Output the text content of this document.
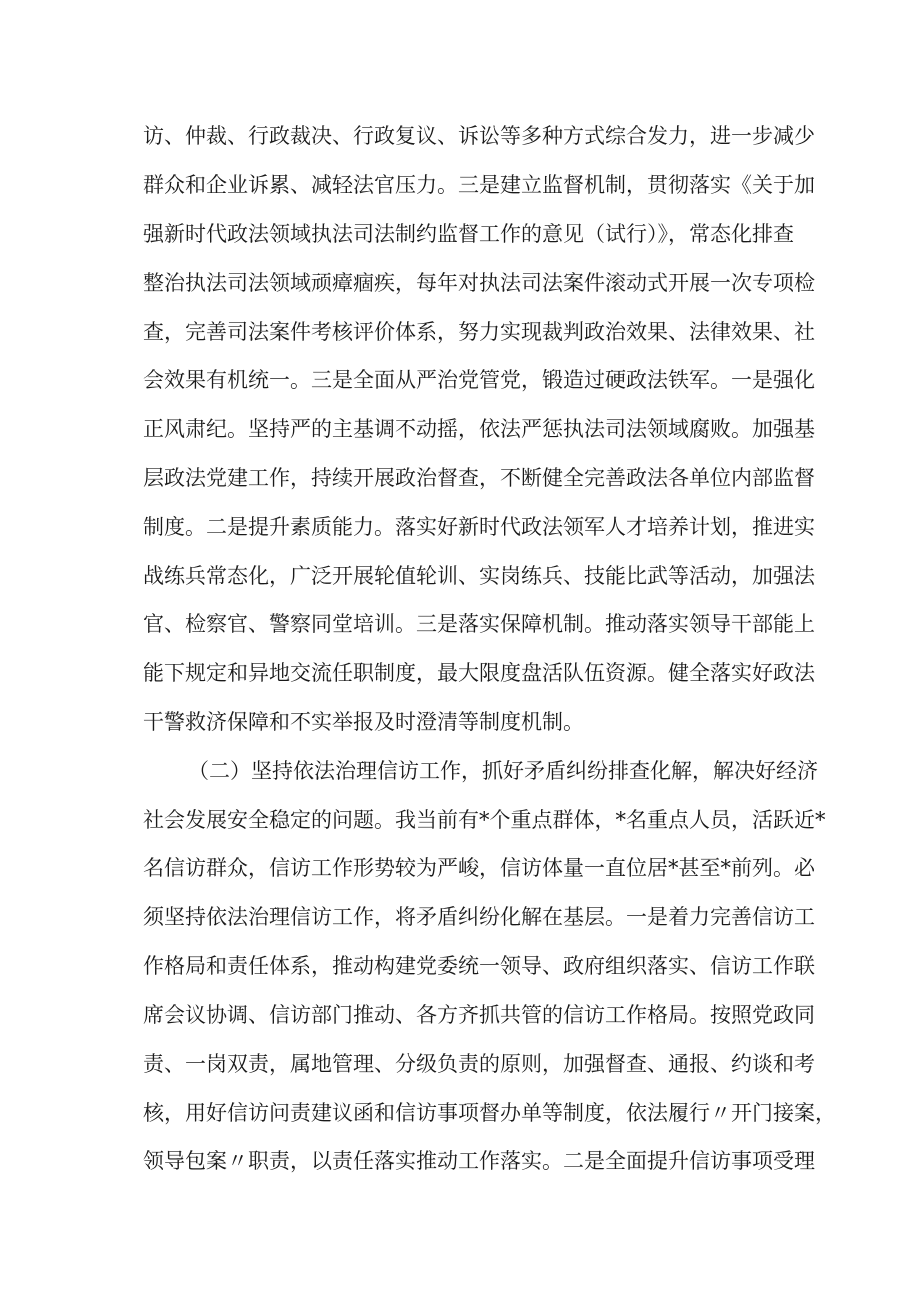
访、仲裁、行政裁决、行政复议、诉讼等多种方式综合发力，进一步减少
群众和企业诉累、减轻法官压力。三是建立监督机制，贯彻落实《关于加
强新时代政法领域执法司法制约监督工作的意见（试行）》，常态化排查
整治执法司法领域顽瘴痼疾，每年对执法司法案件滚动式开展一次专项检
查，完善司法案件考核评价体系，努力实现裁判政治效果、法律效果、社
会效果有机统一。三是全面从严治党管党，锻造过硬政法铁军。一是强化
正风肃纪。坚持严的主基调不动摇，依法严惩执法司法领域腐败。加强基
层政法党建工作，持续开展政治督查，不断健全完善政法各单位内部监督
制度。二是提升素质能力。落实好新时代政法领军人才培养计划，推进实
战练兵常态化，广泛开展轮值轮训、实岗练兵、技能比武等活动，加强法
官、检察官、警察同堂培训。三是落实保障机制。推动落实领导干部能上
能下规定和异地交流任职制度，最大限度盘活队伍资源。健全落实好政法
干警救济保障和不实举报及时澄清等制度机制。
（二）坚持依法治理信访工作，抓好矛盾纠纷排查化解，解决好经济
社会发展安全稳定的问题。我当前有*个重点群体，*名重点人员，活跃近*
名信访群众，信访工作形势较为严峻，信访体量一直位居*甚至*前列。必
须坚持依法治理信访工作，将矛盾纠纷化解在基层。一是着力完善信访工
作格局和责任体系，推动构建党委统一领导、政府组织落实、信访工作联
席会议协调、信访部门推动、各方齐抓共管的信访工作格局。按照党政同
责、一岗双责，属地管理、分级负责的原则，加强督查、通报、约谈和考
核，用好信访问责建议函和信访事项督办单等制度，依法履行〃开门接案，
领导包案〃职责，以责任落实推动工作落实。二是全面提升信访事项受理
